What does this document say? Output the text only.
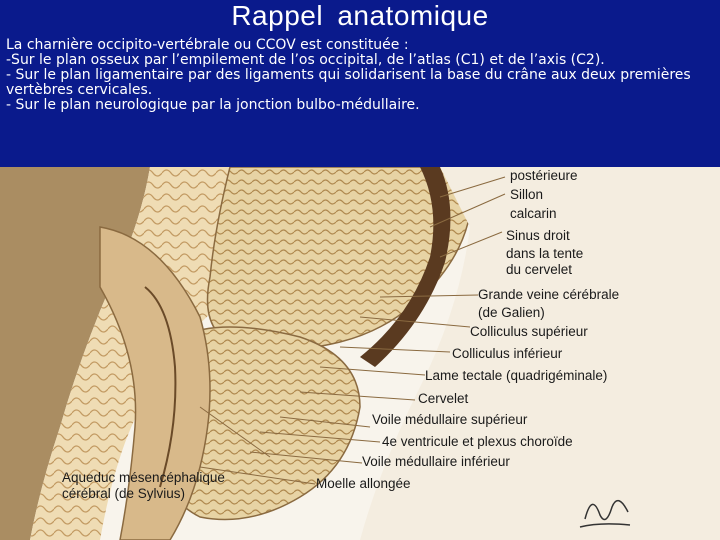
Rappel anatomique

La charnière occipito-vertébrale ou CCOV est constituée :

-Sur le plan osseux par l’empilement de l’os occipital, de l’atlas (C1) et de l’axis (C2).

- Sur le plan ligamentaire par des ligaments qui solidarisent la base du crâne aux deux premières vertèbres cervicales.

- Sur le plan neurologique par la jonction bulbo-médullaire.

postérieure
Sillon
calcarin
Sinus droit
dans la tente
du cervelet
Grande veine cérébrale
(de Galien)
Colliculus supérieur
Colliculus inférieur
Lame tectale (quadrigéminale)
Cervelet
Voile médullaire supérieur
4e ventricule et plexus choroïde
Voile médullaire inférieur
Aqueduc mésencéphalique
cérébral (de Sylvius)
Moelle allongée
